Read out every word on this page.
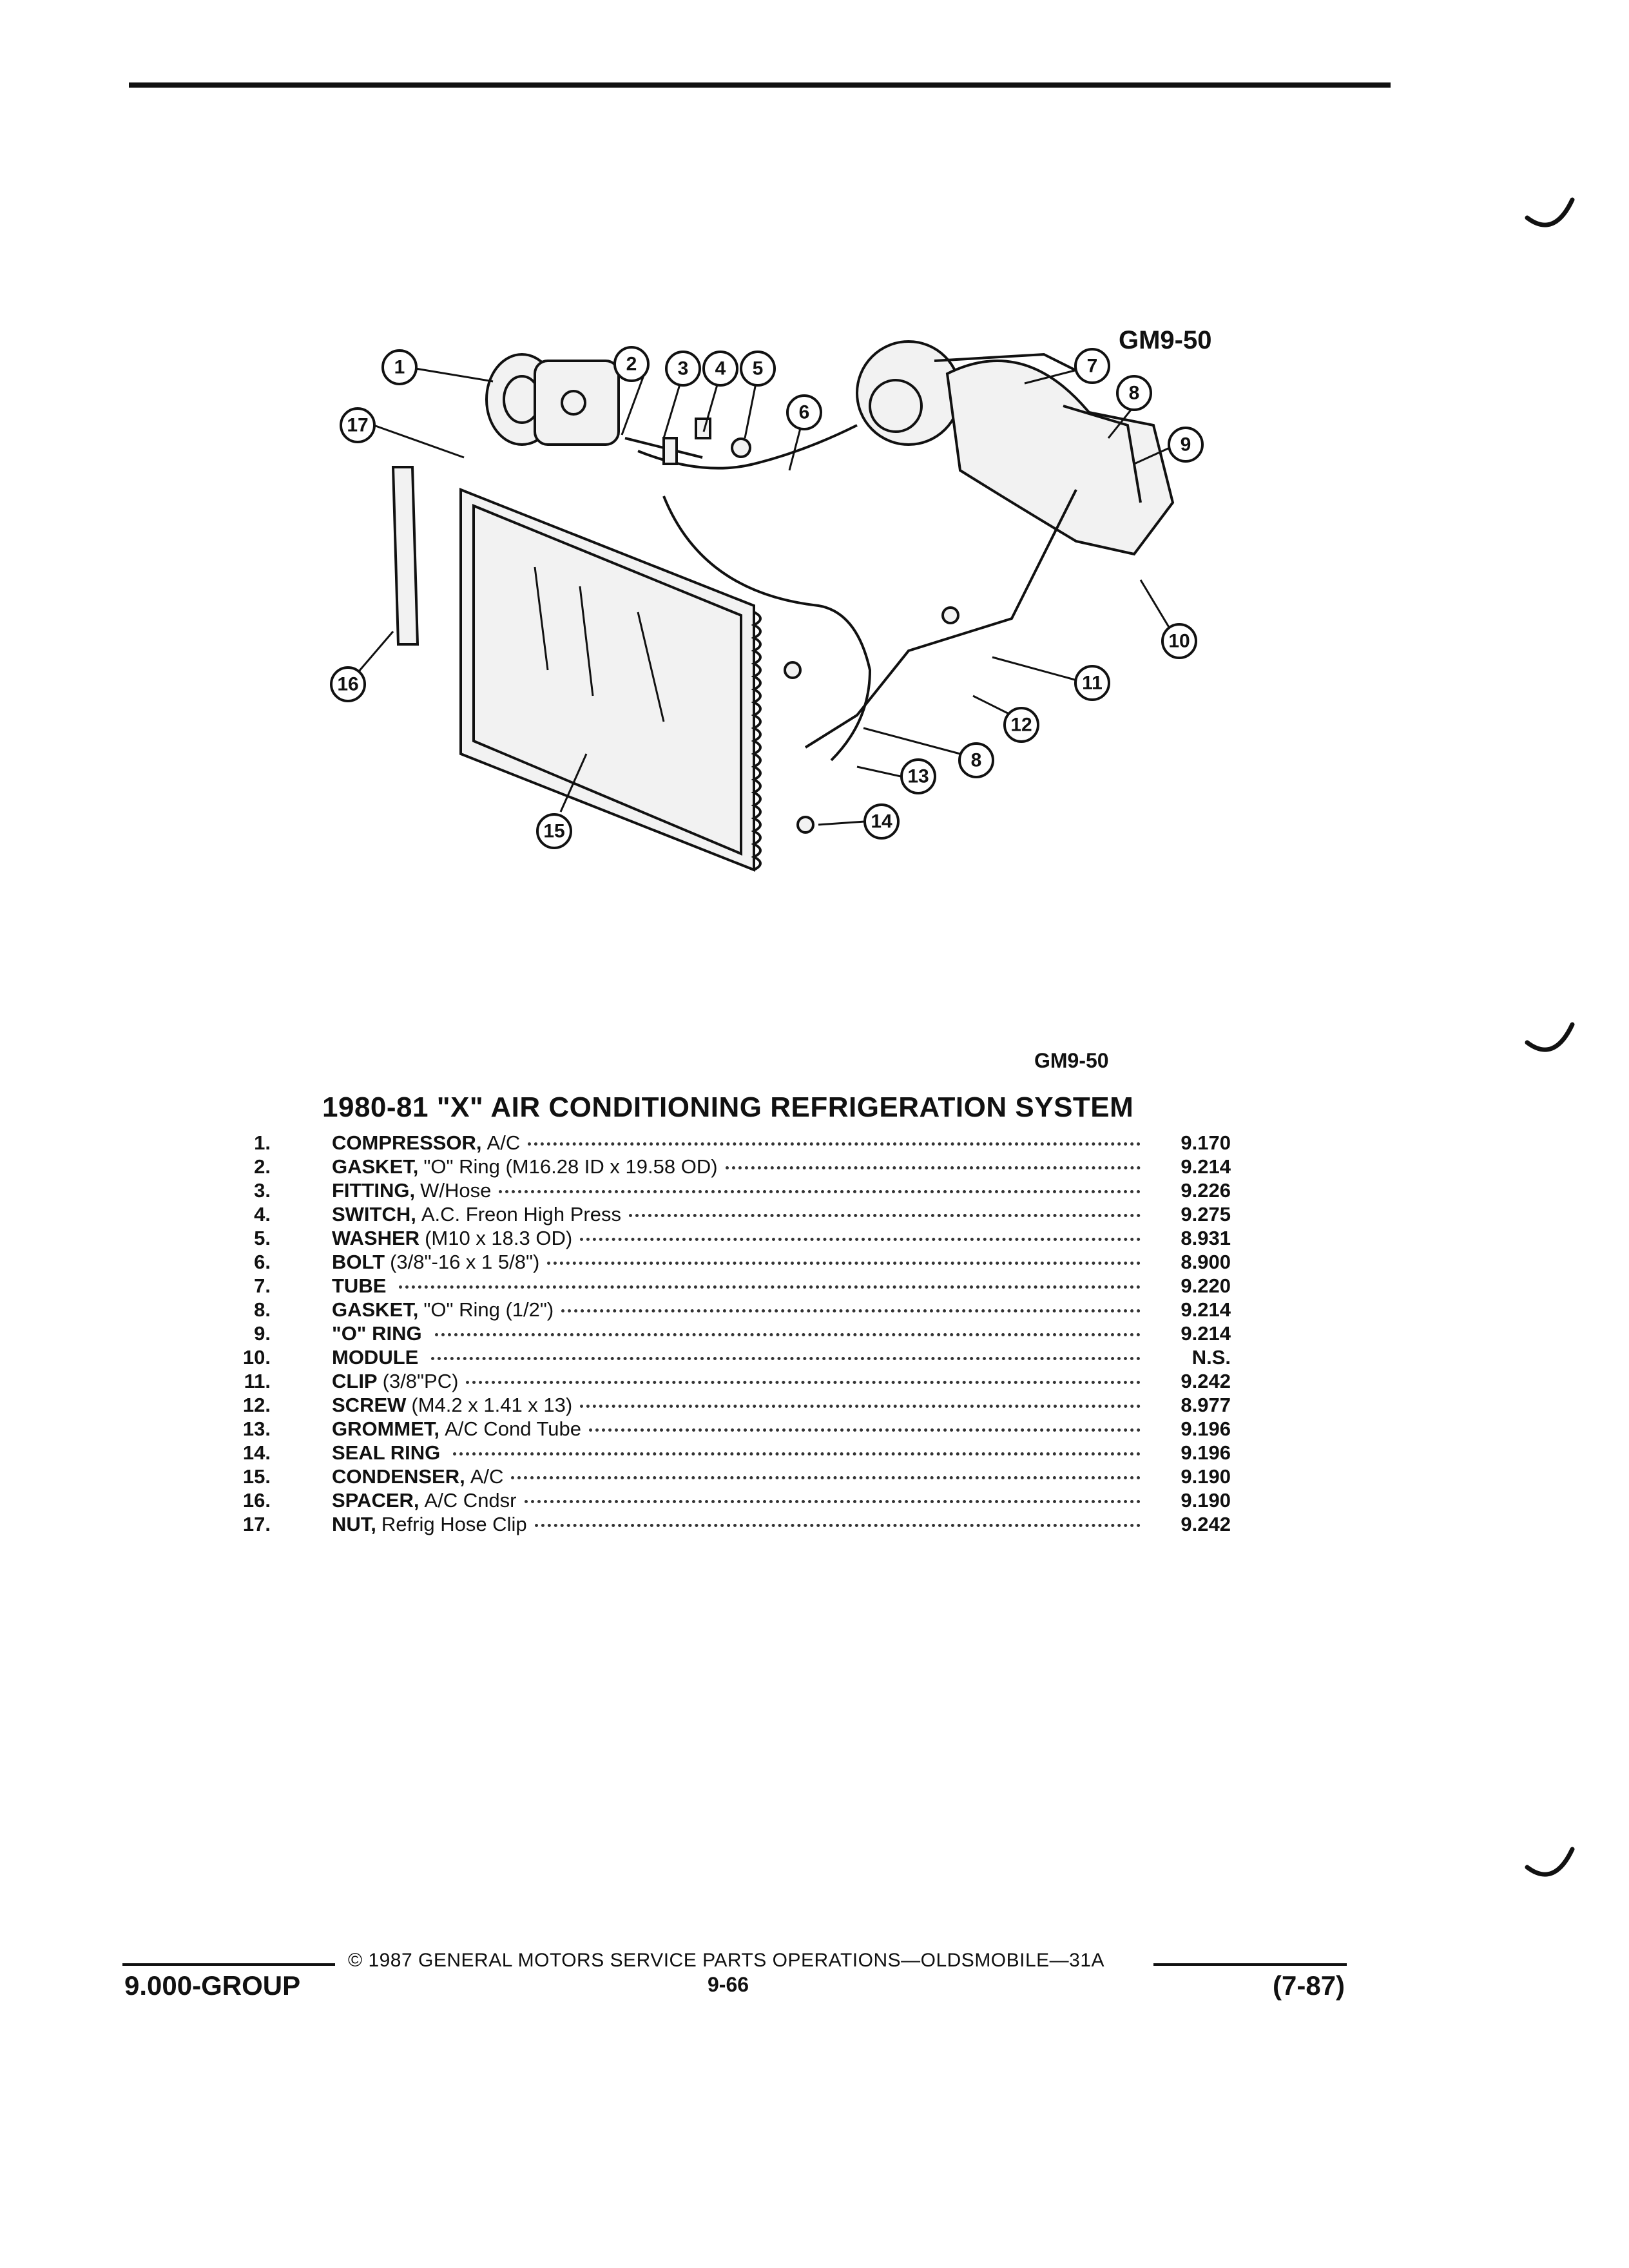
GM9-50
1	2 3 4 5
6
7
8
9
10
11
12
8
13
14
15
16
17
GM9-50
1980-81 "X" AIR CONDITIONING REFRIGERATION SYSTEM
1.	COMPRESSOR, A/C	9.170
2.	GASKET, "O" Ring (M16.28 ID x 19.58 OD)	9.214
3.	FITTING, W/Hose	9.226
4.	SWITCH, A.C. Freon High Press	9.275
5.	WASHER (M10 x 18.3 OD)	8.931
6.	BOLT (3/8"-16 x 1 5/8")	8.900
7.	TUBE	9.220
8.	GASKET, "O" Ring (1/2")	9.214
9.	"O" RING	9.214
10.	MODULE	N.S.
11.	CLIP (3/8"PC)	9.242
12.	SCREW (M4.2 x 1.41 x 13)	8.977
13.	GROMMET, A/C Cond Tube	9.196
14.	SEAL RING	9.196
15.	CONDENSER, A/C	9.190
16.	SPACER, A/C Cndsr	9.190
17.	NUT, Refrig Hose Clip	9.242
© 1987 GENERAL MOTORS SERVICE PARTS OPERATIONS—OLDSMOBILE—31A
9.000-GROUP	9-66	(7-87)
